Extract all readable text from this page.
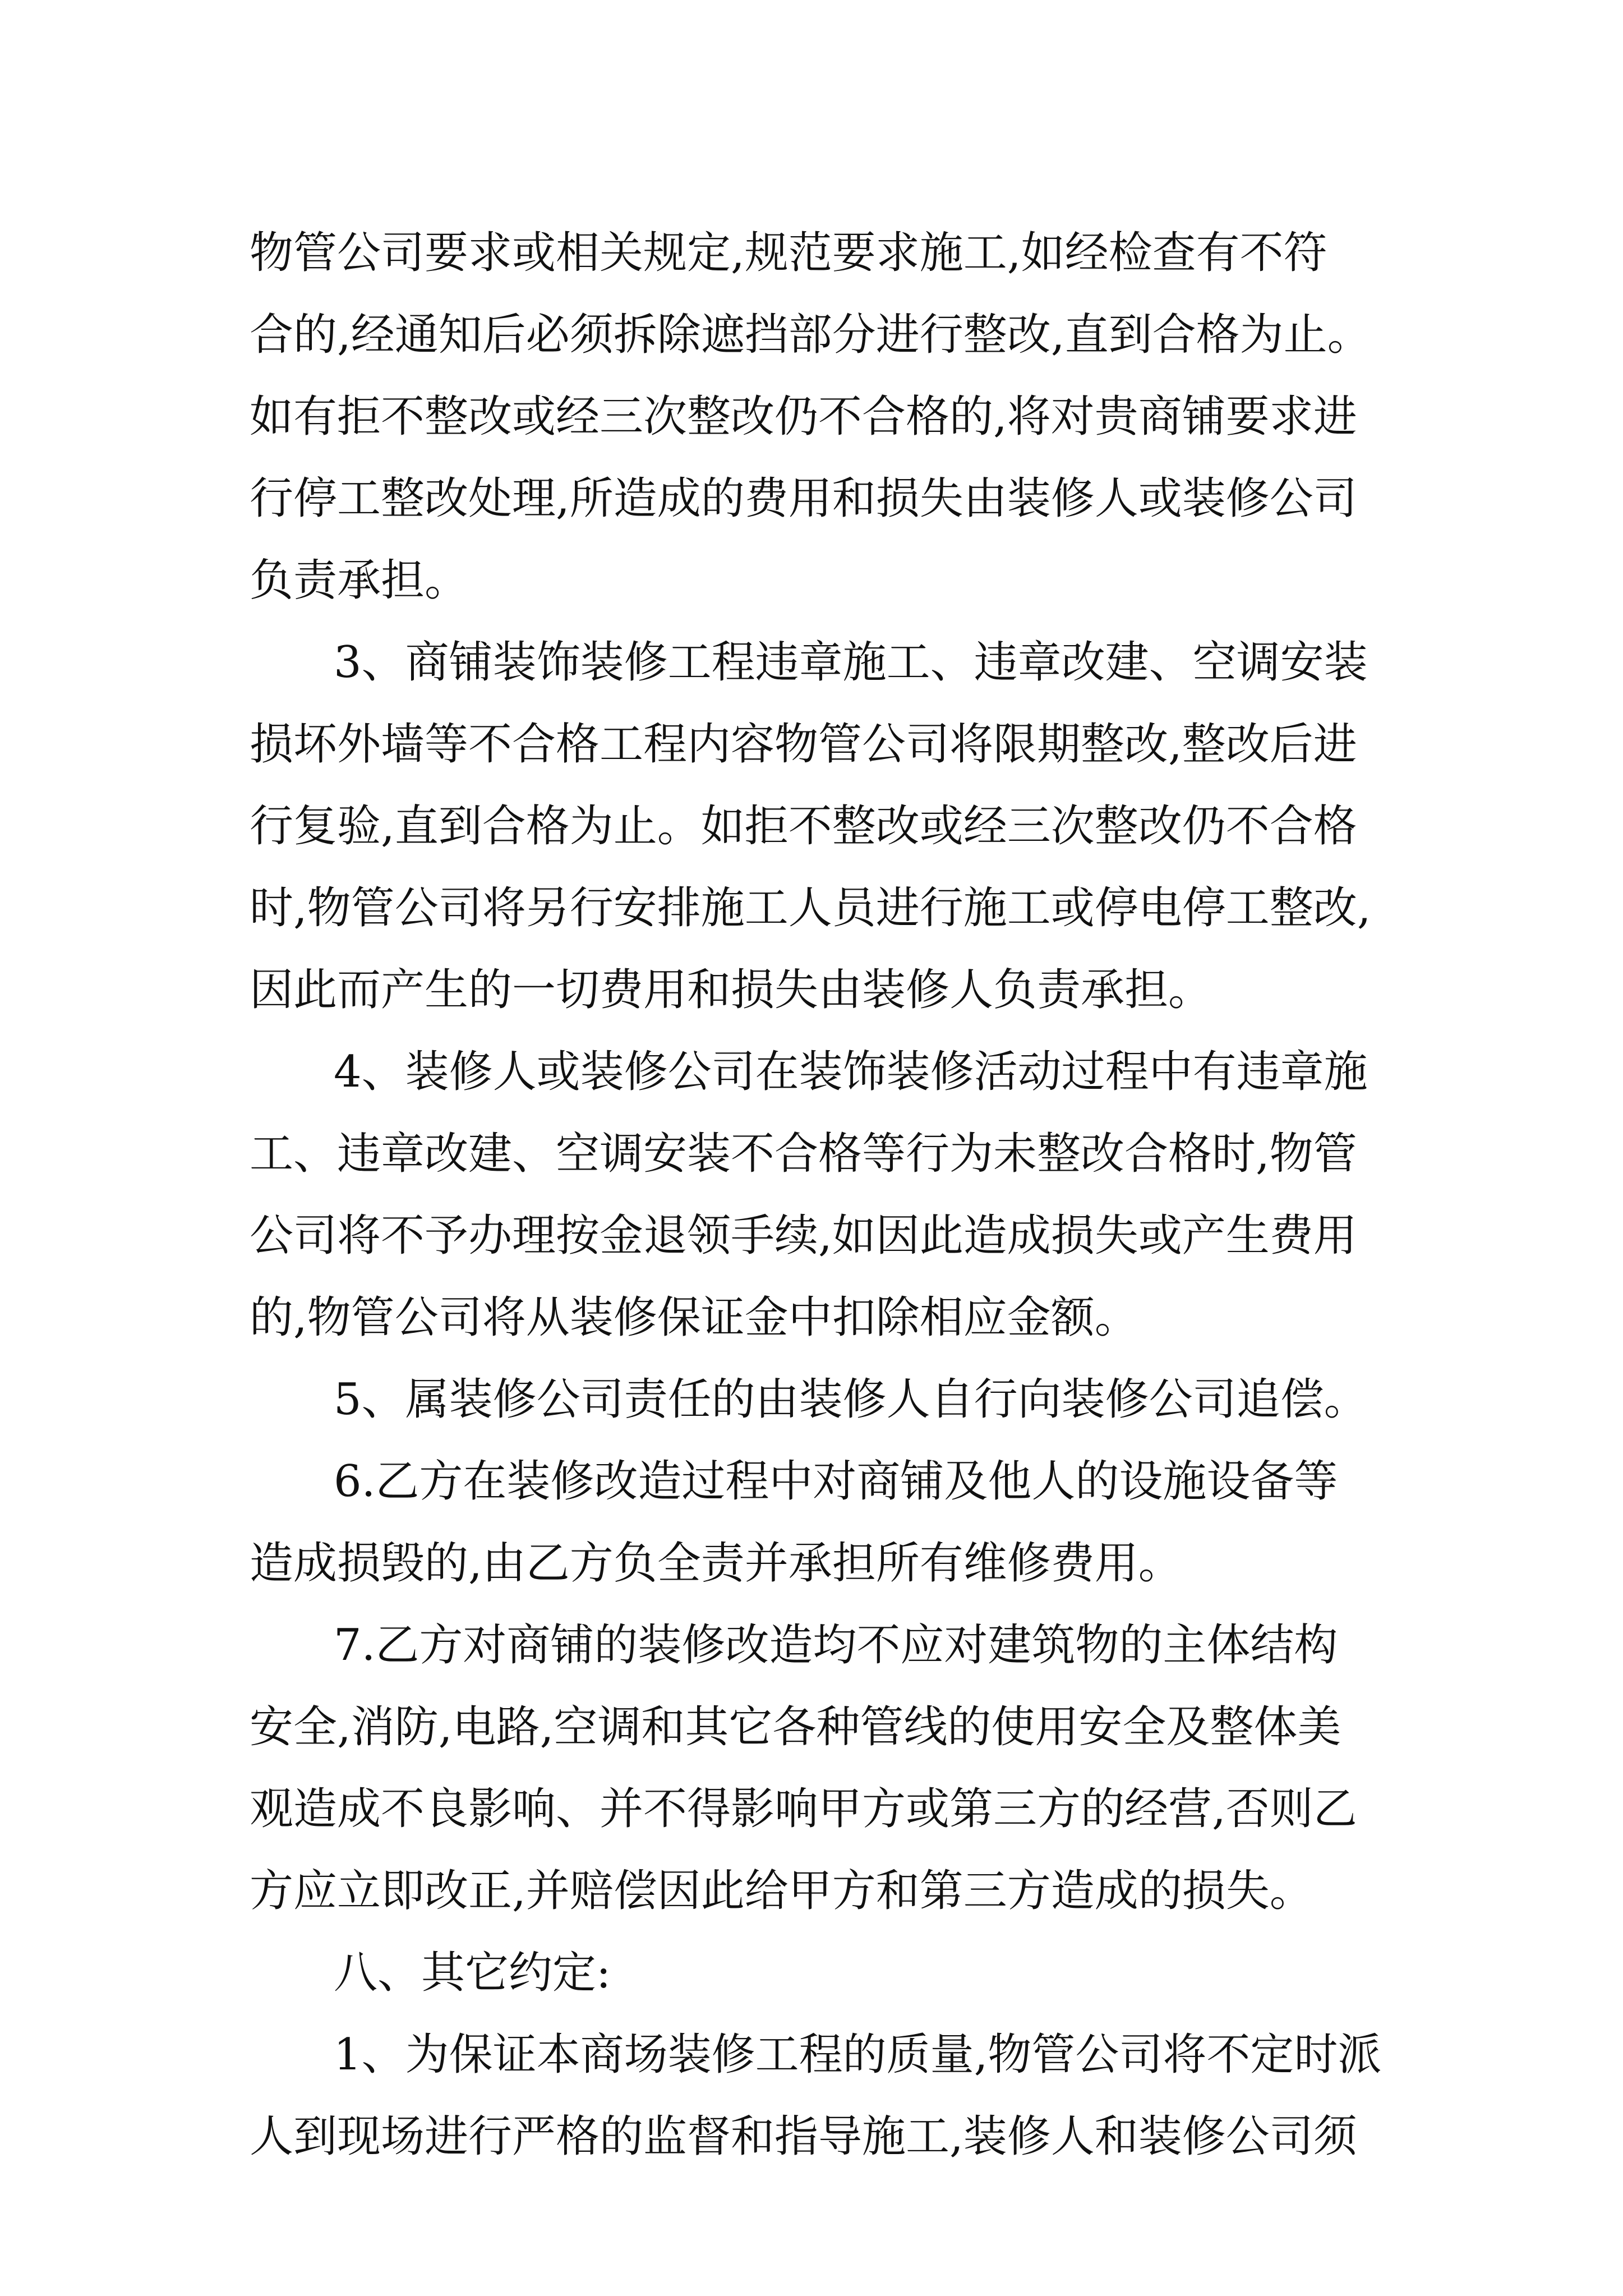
物管公司要求或相关规定,规范要求施工,如经检查有不符
合的,经通知后必须拆除遮挡部分进行整改,直到合格为止。
如有拒不整改或经三次整改仍不合格的,将对贵商铺要求进
行停工整改处理,所造成的费用和损失由装修人或装修公司
负责承担。
3、商铺装饰装修工程违章施工、违章改建、空调安装
损坏外墙等不合格工程内容物管公司将限期整改,整改后进
行复验,直到合格为止。如拒不整改或经三次整改仍不合格
时,物管公司将另行安排施工人员进行施工或停电停工整改,
因此而产生的一切费用和损失由装修人负责承担。
4、装修人或装修公司在装饰装修活动过程中有违章施
工、违章改建、空调安装不合格等行为未整改合格时,物管
公司将不予办理按金退领手续,如因此造成损失或产生费用
的,物管公司将从装修保证金中扣除相应金额。
5、属装修公司责任的由装修人自行向装修公司追偿。
6.乙方在装修改造过程中对商铺及他人的设施设备等
造成损毁的,由乙方负全责并承担所有维修费用。
7.乙方对商铺的装修改造均不应对建筑物的主体结构
安全,消防,电路,空调和其它各种管线的使用安全及整体美
观造成不良影响、并不得影响甲方或第三方的经营,否则乙
方应立即改正,并赔偿因此给甲方和第三方造成的损失。
八、其它约定:
1、为保证本商场装修工程的质量,物管公司将不定时派
人到现场进行严格的监督和指导施工,装修人和装修公司须
